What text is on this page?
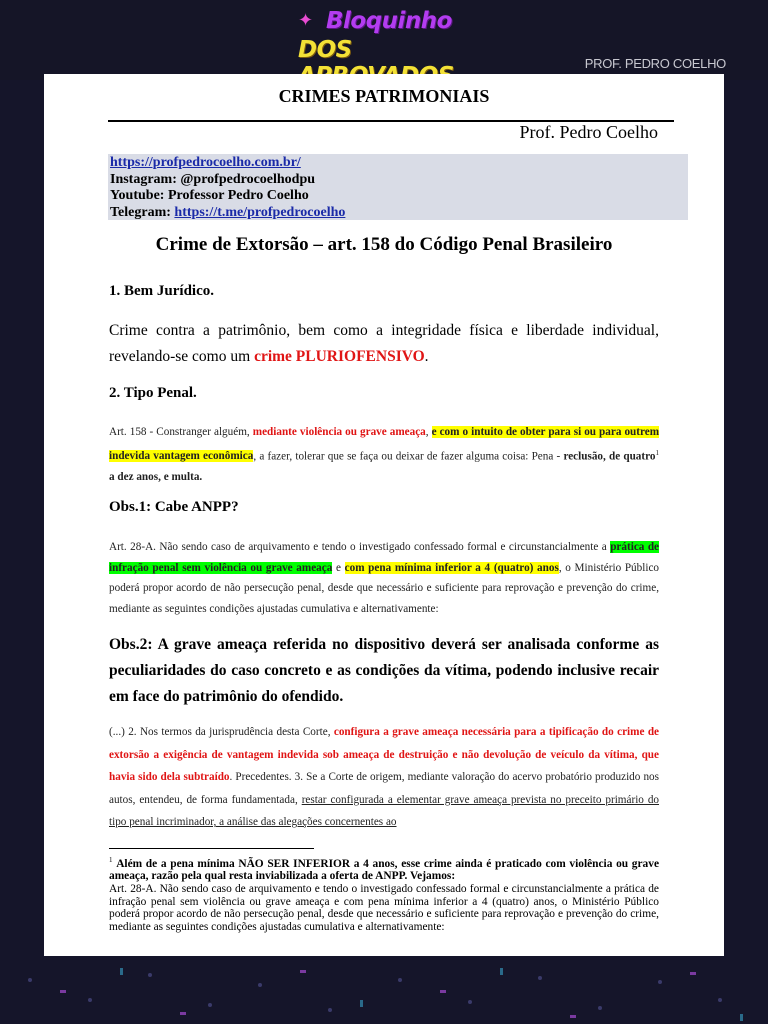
✦ Bloquinho
DOS
PROF. PEDRO COELHO
CRIMES PATRIMONIAIS
Prof. Pedro Coelho
https://profpedrocoelho.com.br/
Instagram: @profpedrocoelhodpu
Youtube: Professor Pedro Coelho
Telegram: https://t.me/profpedrocoelho
Crime de Extorsão – art. 158 do Código Penal Brasileiro
1. Bem Jurídico.
Crime contra a patrimônio, bem como a integridade física e liberdade individual, revelando-se como um crime PLURIOFENSIVO.
2. Tipo Penal.
Art. 158 - Constranger alguém, mediante violência ou grave ameaça, e com o intuito de obter para si ou para outrem indevida vantagem econômica, a fazer, tolerar que se faça ou deixar de fazer alguma coisa: Pena - reclusão, de quatro$^1$ a dez anos, e multa.
Obs.1: Cabe ANPP?
Art. 28-A. Não sendo caso de arquivamento e tendo o investigado confessado formal e circunstancialmente a prática de infração penal sem violência ou grave ameaça e com pena mínima inferior a 4 (quatro) anos, o Ministério Público poderá propor acordo de não persecução penal, desde que necessário e suficiente para reprovação e prevenção do crime, mediante as seguintes condições ajustadas cumulativa e alternativamente:
Obs.2: A grave ameaça referida no dispositivo deverá ser analisada conforme as peculiaridades do caso concreto e as condições da vítima, podendo inclusive recair em face do patrimônio do ofendido.
(...) 2. Nos termos da jurisprudência desta Corte, configura a grave ameaça necessária para a tipificação do crime de extorsão a exigência de vantagem indevida sob ameaça de destruição e não devolução de veículo da vítima, que havia sido dela subtraído. Precedentes. 3. Se a Corte de origem, mediante valoração do acervo probatório produzido nos autos, entendeu, de forma fundamentada, restar configurada a elementar grave ameaça prevista no preceito primário do tipo penal incriminador, a análise das alegações concernentes ao
$^1$ Além de a pena mínima NÃO SER INFERIOR a 4 anos, esse crime ainda é praticado com violência ou grave ameaça, razão pela qual resta inviabilizada a oferta de ANPP. Vejamos:
Art. 28-A. Não sendo caso de arquivamento e tendo o investigado confessado formal e circunstancialmente a prática de infração penal sem violência ou grave ameaça e com pena mínima inferior a 4 (quatro) anos, o Ministério Público poderá propor acordo de não persecução penal, desde que necessário e suficiente para reprovação e prevenção do crime, mediante as seguintes condições ajustadas cumulativa e alternativamente:
